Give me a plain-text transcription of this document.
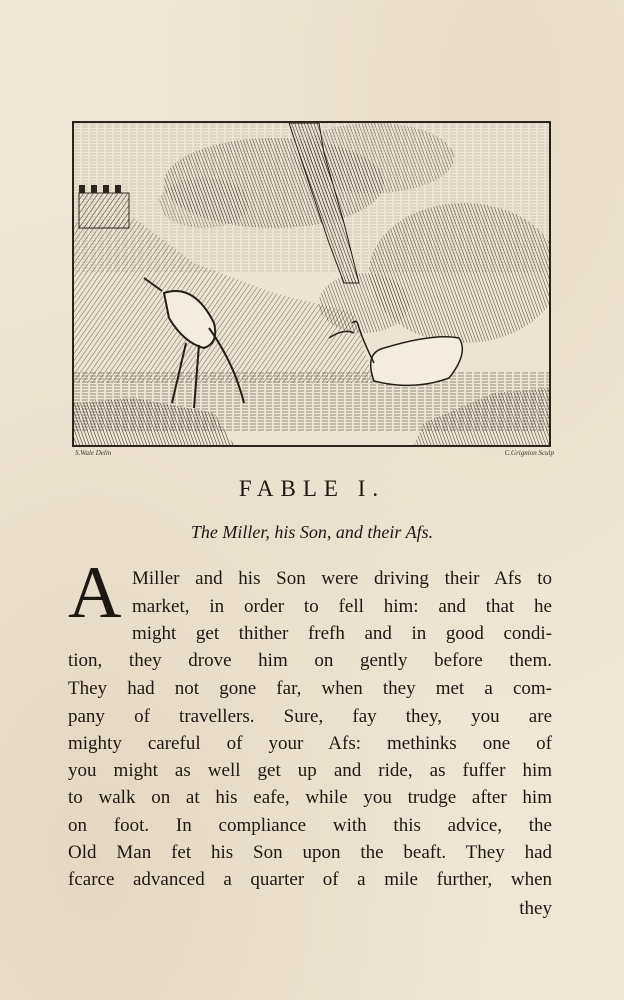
S.Wale Delin	C.Grignion Sculp
FABLE I.
The Miller, his Son, and their Afs.
A Miller and his Son were driving their Afs to
market, in order to fell him: and that he
might get thither frefh and in good condi-
tion, they drove him on gently before them.
They had not gone far, when they met a com-
pany of travellers. Sure, fay they, you are
mighty careful of your Afs: methinks one of
you might as well get up and ride, as fuffer him
to walk on at his eafe, while you trudge after him
on foot. In compliance with this advice, the
Old Man fet his Son upon the beaft. They had
fcarce advanced a quarter of a mile further, when
they
